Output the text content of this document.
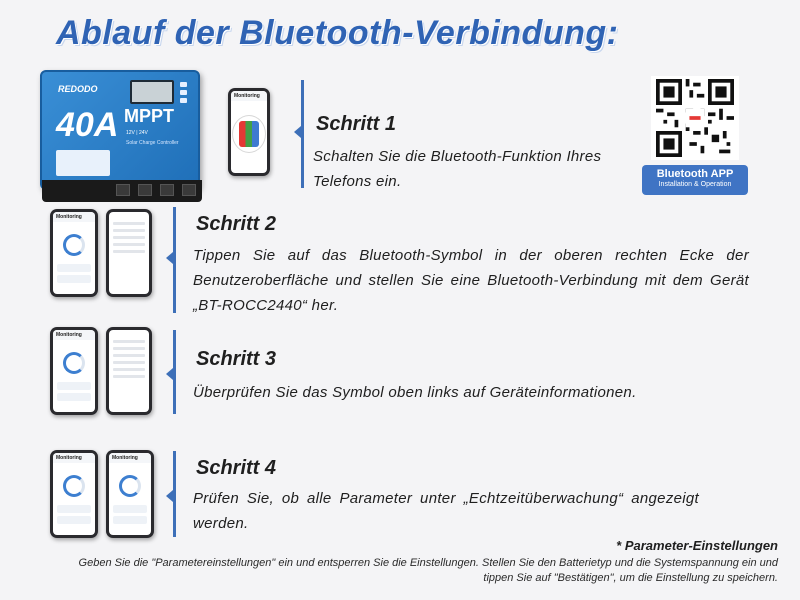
Ablauf der Bluetooth-Verbindung:
REDODO
40A MPPT
12V | 24V
Solar Charge Controller
Monitoring
Schritt 1
Schalten Sie die Bluetooth-Funktion Ihres Telefons ein.	Bluetooth APP
Installation & Operation
Monitoring	Schritt 2
Tippen Sie auf das Bluetooth-Symbol in der oberen rechten Ecke der Benutzeroberfläche und stellen Sie eine Bluetooth-Verbindung mit dem Gerät „BT-ROCC2440“ her.
Monitoring
Schritt 3
Überprüfen Sie das Symbol oben links auf Geräteinformationen.
Monitoring	Monitoring	Schritt 4
Prüfen Sie, ob alle Parameter unter „Echtzeitüberwachung“ angezeigt werden.
* Parameter-Einstellungen
Geben Sie die "Parametereinstellungen" ein und entsperren Sie die Einstellungen. Stellen Sie den Batterietyp und die Systemspannung ein und tippen Sie auf "Bestätigen", um die Einstellung zu speichern.
